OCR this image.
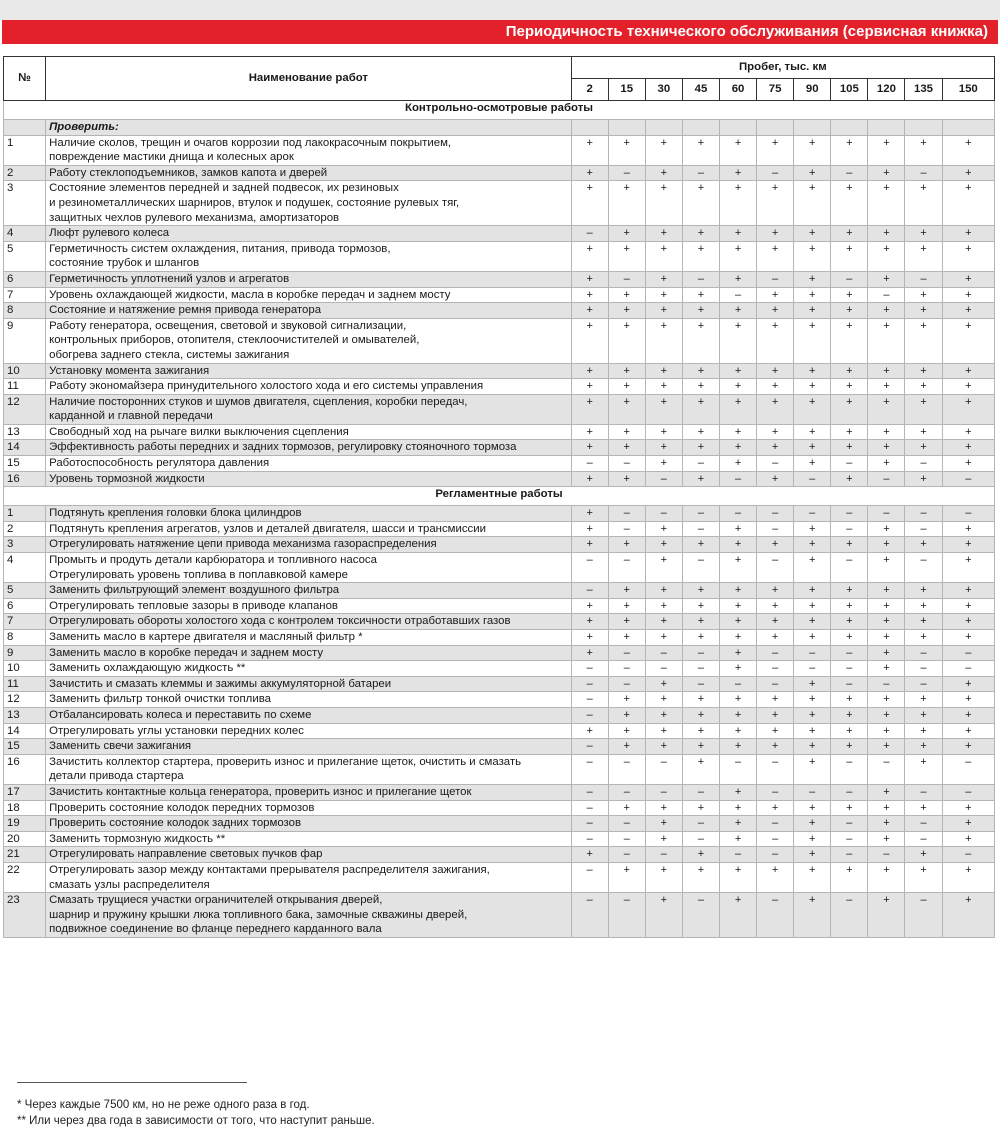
Периодичность технического обслуживания (сервисная книжка)
№	Наименование работ	Пробег, тыс. км										
		2	15	30	45	60	75	90	105	120	135	150
Контрольно-осмотровые работы												
	Проверить:											
1	Наличие сколов, трещин и очагов коррозии под лакокрасочным покрытием,
повреждение мастики днища и колесных арок	+	+	+	+	+	+	+	+	+	+	+
2	Работу стеклоподъемников, замков капота и дверей	+	–	+	–	+	–	+	–	+	–	+
3	Состояние элементов передней и задней подвесок, их резиновых
и резинометаллических шарниров, втулок и подушек, состояние рулевых тяг,
защитных чехлов рулевого механизма, амортизаторов	+	+	+	+	+	+	+	+	+	+	+
4	Люфт рулевого колеса	–	+	+	+	+	+	+	+	+	+	+
5	Герметичность систем охлаждения, питания, привода тормозов,
состояние трубок и шлангов	+	+	+	+	+	+	+	+	+	+	+
6	Герметичность уплотнений узлов и агрегатов	+	–	+	–	+	–	+	–	+	–	+
7	Уровень охлаждающей жидкости, масла в коробке передач и заднем мосту	+	+	+	+	–	+	+	+	–	+	+
8	Состояние и натяжение ремня привода генератора	+	+	+	+	+	+	+	+	+	+	+
9	Работу генератора, освещения, световой и звуковой сигнализации,
контрольных приборов, отопителя, стеклоочистителей и омывателей,
обогрева заднего стекла, системы зажигания	+	+	+	+	+	+	+	+	+	+	+
10	Установку момента зажигания	+	+	+	+	+	+	+	+	+	+	+
11	Работу экономайзера принудительного холостого хода и его системы управления	+	+	+	+	+	+	+	+	+	+	+
12	Наличие посторонних стуков и шумов двигателя, сцепления, коробки передач,
карданной и главной передачи	+	+	+	+	+	+	+	+	+	+	+
13	Свободный ход на рычаге вилки выключения сцепления	+	+	+	+	+	+	+	+	+	+	+
14	Эффективность работы передних и задних тормозов, регулировку стояночного тормоза	+	+	+	+	+	+	+	+	+	+	+
15	Работоспособность регулятора давления	–	–	+	–	+	–	+	–	+	–	+
16	Уровень тормозной жидкости	+	+	–	+	–	+	–	+	–	+	–
Регламентные работы												
1	Подтянуть крепления головки блока цилиндров	+	–	–	–	–	–	–	–	–	–	–
2	Подтянуть крепления агрегатов, узлов и деталей двигателя, шасси и трансмиссии	+	–	+	–	+	–	+	–	+	–	+
3	Отрегулировать натяжение цепи привода механизма газораспределения	+	+	+	+	+	+	+	+	+	+	+
4	Промыть и продуть детали карбюратора и топливного насоса
Отрегулировать уровень топлива в поплавковой камере	–	–	+	–	+	–	+	–	+	–	+
5	Заменить фильтрующий элемент воздушного фильтра	–	+	+	+	+	+	+	+	+	+	+
6	Отрегулировать тепловые зазоры в приводе клапанов	+	+	+	+	+	+	+	+	+	+	+
7	Отрегулировать обороты холостого хода с контролем токсичности отработавших газов	+	+	+	+	+	+	+	+	+	+	+
8	Заменить масло в картере двигателя и масляный фильтр *	+	+	+	+	+	+	+	+	+	+	+
9	Заменить масло в коробке передач и заднем мосту	+	–	–	–	+	–	–	–	+	–	–
10	Заменить охлаждающую жидкость **	–	–	–	–	+	–	–	–	+	–	–
11	Зачистить и смазать клеммы и зажимы аккумуляторной батареи	–	–	+	–	–	–	+	–	–	–	+
12	Заменить фильтр тонкой очистки топлива	–	+	+	+	+	+	+	+	+	+	+
13	Отбалансировать колеса и переставить по схеме	–	+	+	+	+	+	+	+	+	+	+
14	Отрегулировать углы установки передних колес	+	+	+	+	+	+	+	+	+	+	+
15	Заменить свечи зажигания	–	+	+	+	+	+	+	+	+	+	+
16	Зачистить коллектор стартера, проверить износ и прилегание щеток, очистить и смазать
детали привода стартера	–	–	–	+	–	–	+	–	–	+	–
17	Зачистить контактные кольца генератора, проверить износ и прилегание щеток	–	–	–	–	+	–	–	–	+	–	–
18	Проверить состояние колодок передних тормозов	–	+	+	+	+	+	+	+	+	+	+
19	Проверить состояние колодок задних тормозов	–	–	+	–	+	–	+	–	+	–	+
20	Заменить тормозную жидкость **	–	–	+	–	+	–	+	–	+	–	+
21	Отрегулировать направление световых пучков фар	+	–	–	+	–	–	+	–	–	+	–
22	Отрегулировать зазор между контактами прерывателя распределителя зажигания,
смазать узлы распределителя	–	+	+	+	+	+	+	+	+	+	+
23	Смазать трущиеся участки ограничителей открывания дверей,
шарнир и пружину крышки люка топливного бака, замочные скважины дверей,
подвижное соединение во фланце переднего карданного вала	–	–	+	–	+	–	+	–	+	–	+
* Через каждые 7500 км, но не реже одного раза в год.
** Или через два года в зависимости от того, что наступит раньше.
